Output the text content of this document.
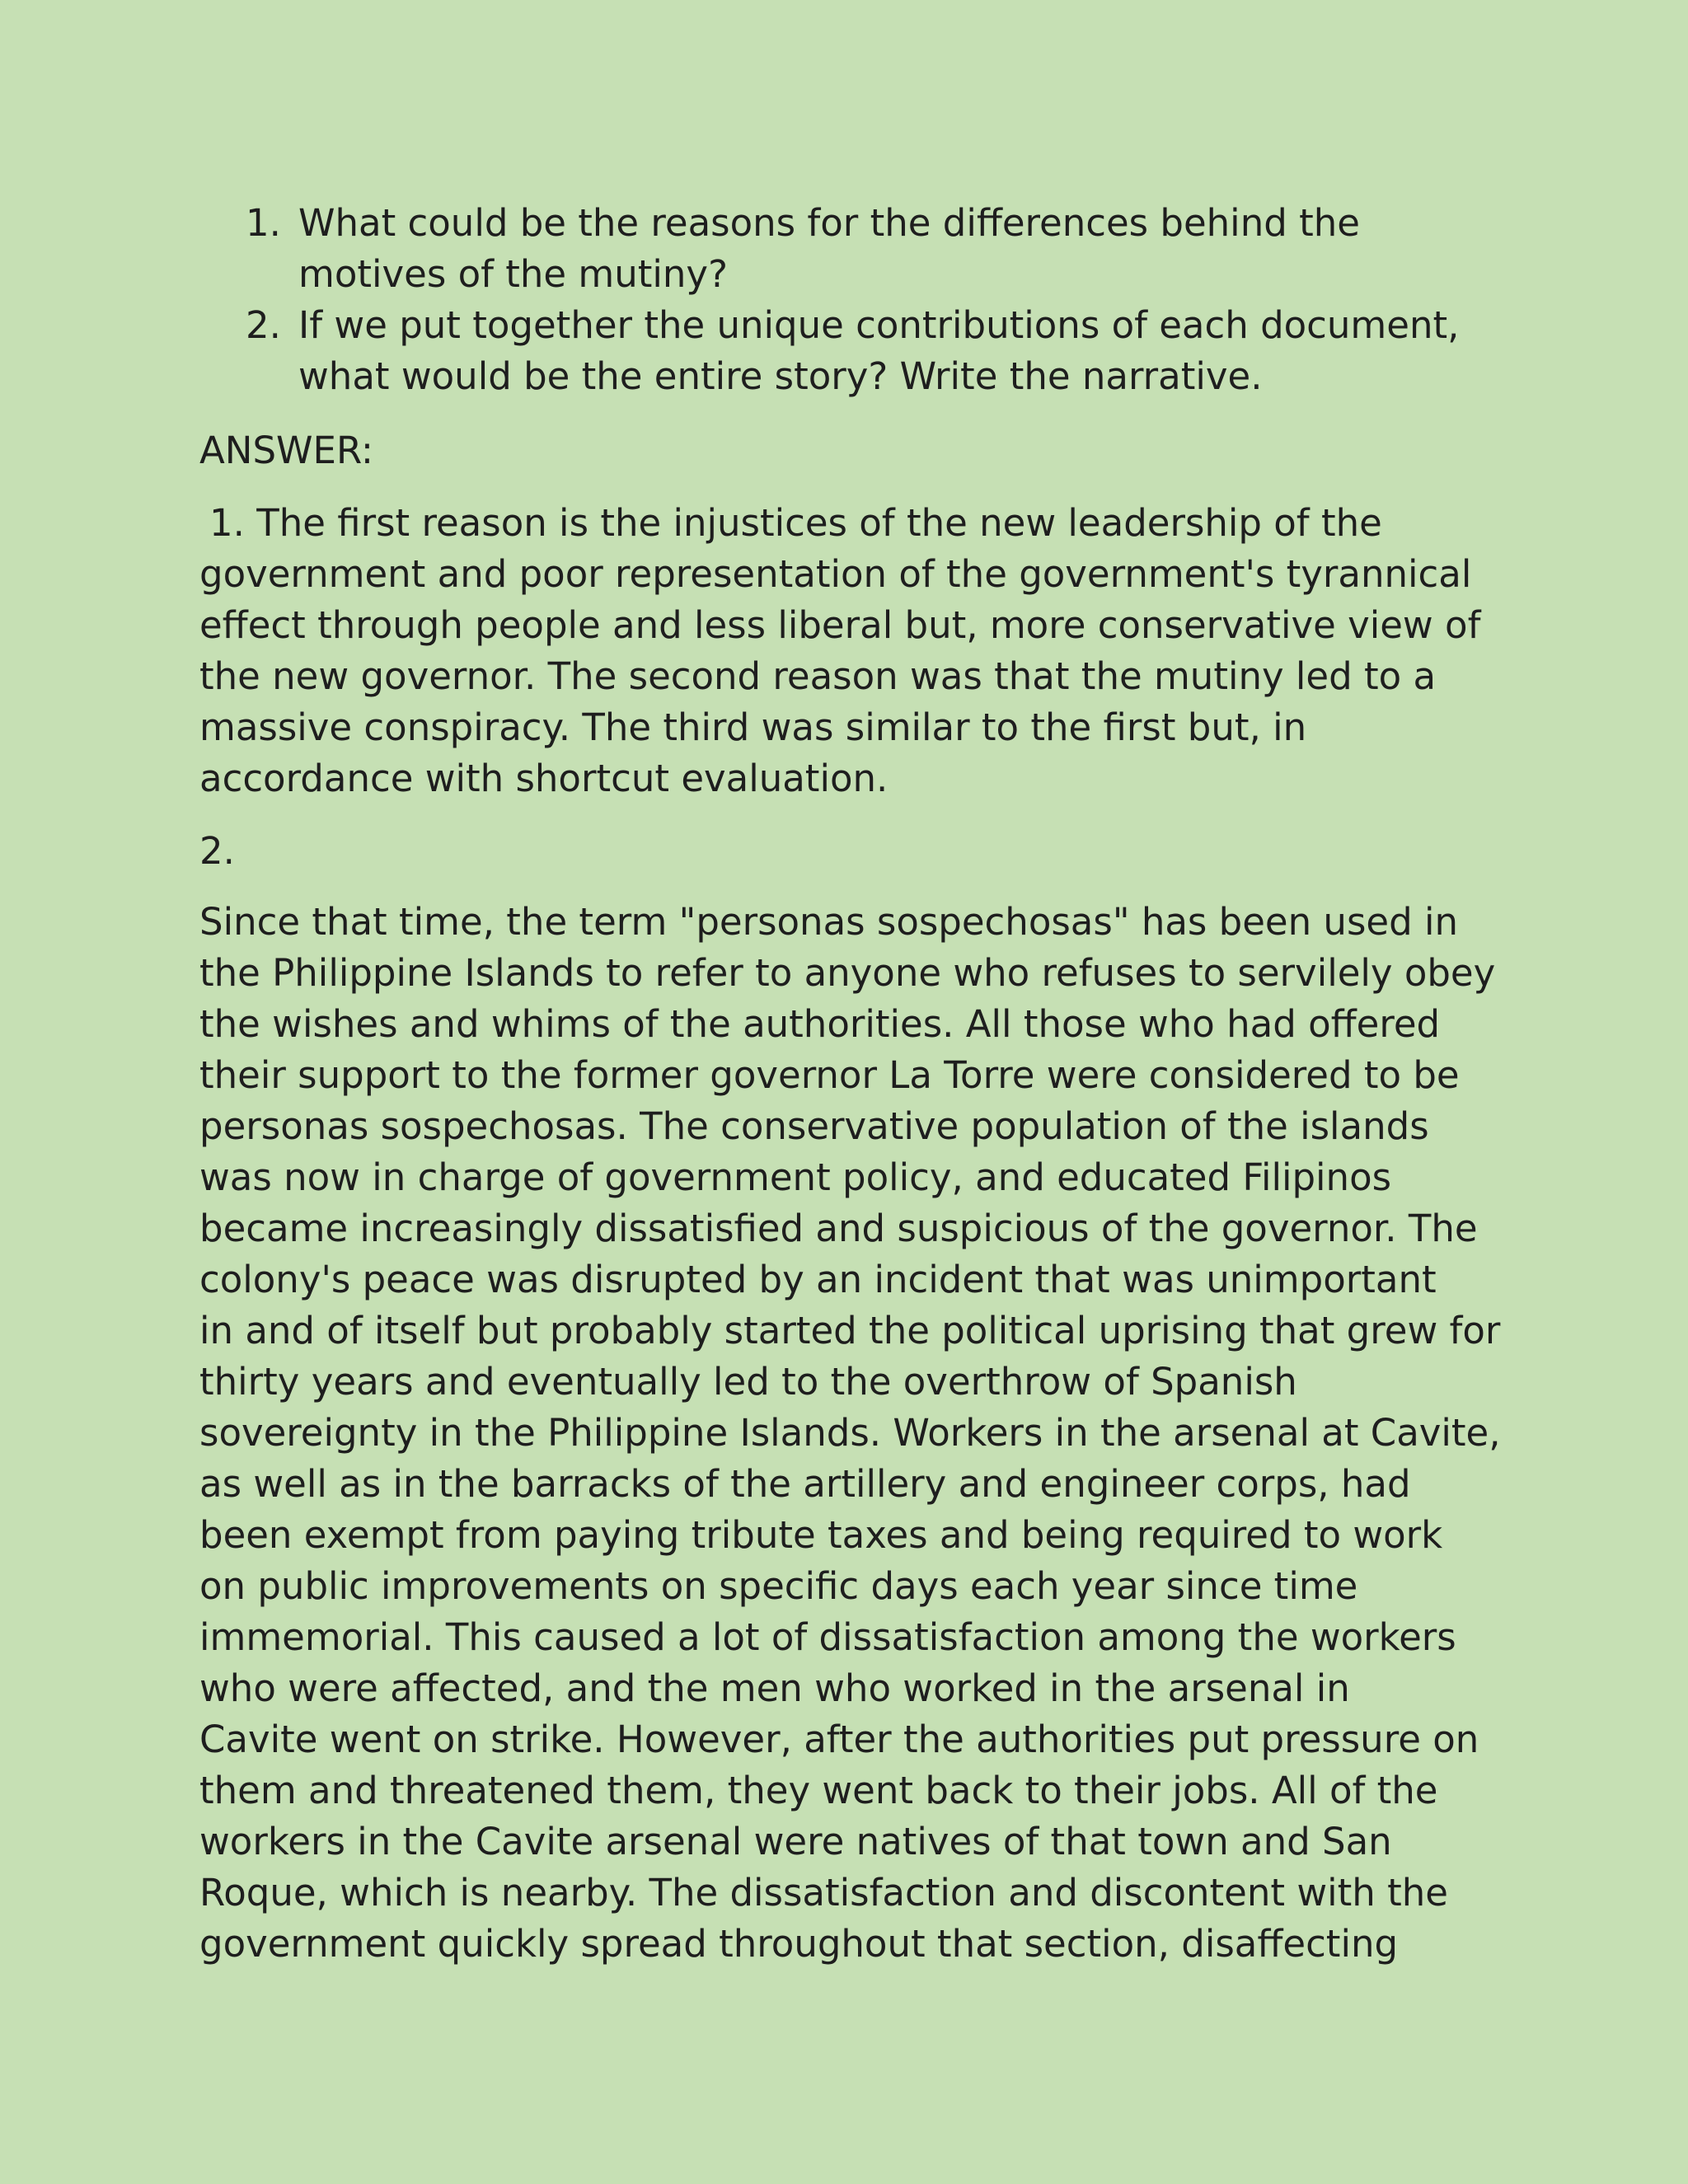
1. What could be the reasons for the differences behind the
motives of the mutiny?
2. If we put together the unique contributions of each document,
what would be the entire story? Write the narrative.

ANSWER:

1. The first reason is the injustices of the new leadership of the
government and poor representation of the government's tyrannical
effect through people and less liberal but, more conservative view of
the new governor. The second reason was that the mutiny led to a
massive conspiracy. The third was similar to the first but, in
accordance with shortcut evaluation.

2.

Since that time, the term "personas sospechosas" has been used in
the Philippine Islands to refer to anyone who refuses to servilely obey
the wishes and whims of the authorities. All those who had offered
their support to the former governor La Torre were considered to be
personas sospechosas. The conservative population of the islands
was now in charge of government policy, and educated Filipinos
became increasingly dissatisfied and suspicious of the governor. The
colony's peace was disrupted by an incident that was unimportant
in and of itself but probably started the political uprising that grew for
thirty years and eventually led to the overthrow of Spanish
sovereignty in the Philippine Islands. Workers in the arsenal at Cavite,
as well as in the barracks of the artillery and engineer corps, had
been exempt from paying tribute taxes and being required to work
on public improvements on specific days each year since time
immemorial. This caused a lot of dissatisfaction among the workers
who were affected, and the men who worked in the arsenal in
Cavite went on strike. However, after the authorities put pressure on
them and threatened them, they went back to their jobs. All of the
workers in the Cavite arsenal were natives of that town and San
Roque, which is nearby. The dissatisfaction and discontent with the
government quickly spread throughout that section, disaffecting
